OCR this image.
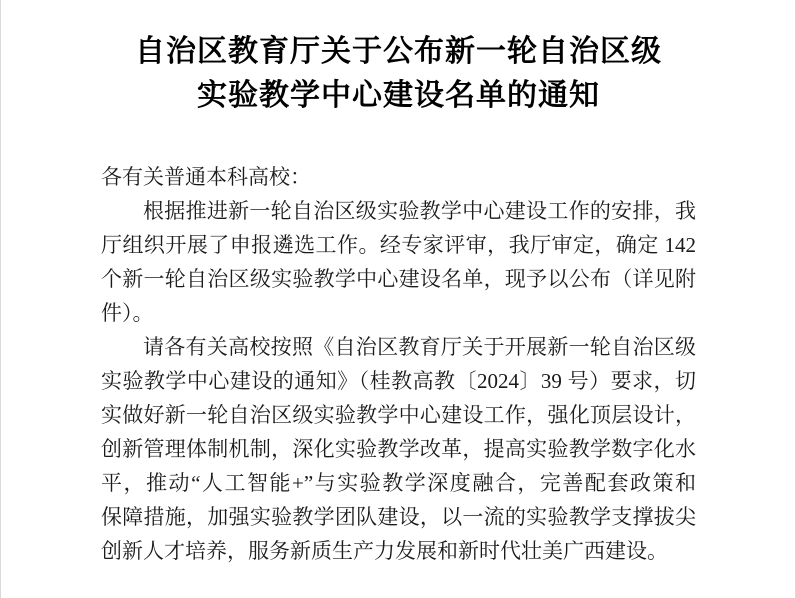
自治区教育厅关于公布新一轮自治区级
实验教学中心建设名单的通知
各有关普通本科高校：
根据推进新一轮自治区级实验教学中心建设工作的安排，我
厅组织开展了申报遴选工作。经专家评审，我厅审定，确定 142
个新一轮自治区级实验教学中心建设名单，现予以公布（详见附
件）。
请各有关高校按照《自治区教育厅关于开展新一轮自治区级
实验教学中心建设的通知》（桂教高教〔2024〕39 号）要求，切
实做好新一轮自治区级实验教学中心建设工作，强化顶层设计，
创新管理体制机制，深化实验教学改革，提高实验教学数字化水
平，推动“人工智能+”与实验教学深度融合，完善配套政策和
保障措施，加强实验教学团队建设，以一流的实验教学支撑拔尖
创新人才培养，服务新质生产力发展和新时代壮美广西建设。
